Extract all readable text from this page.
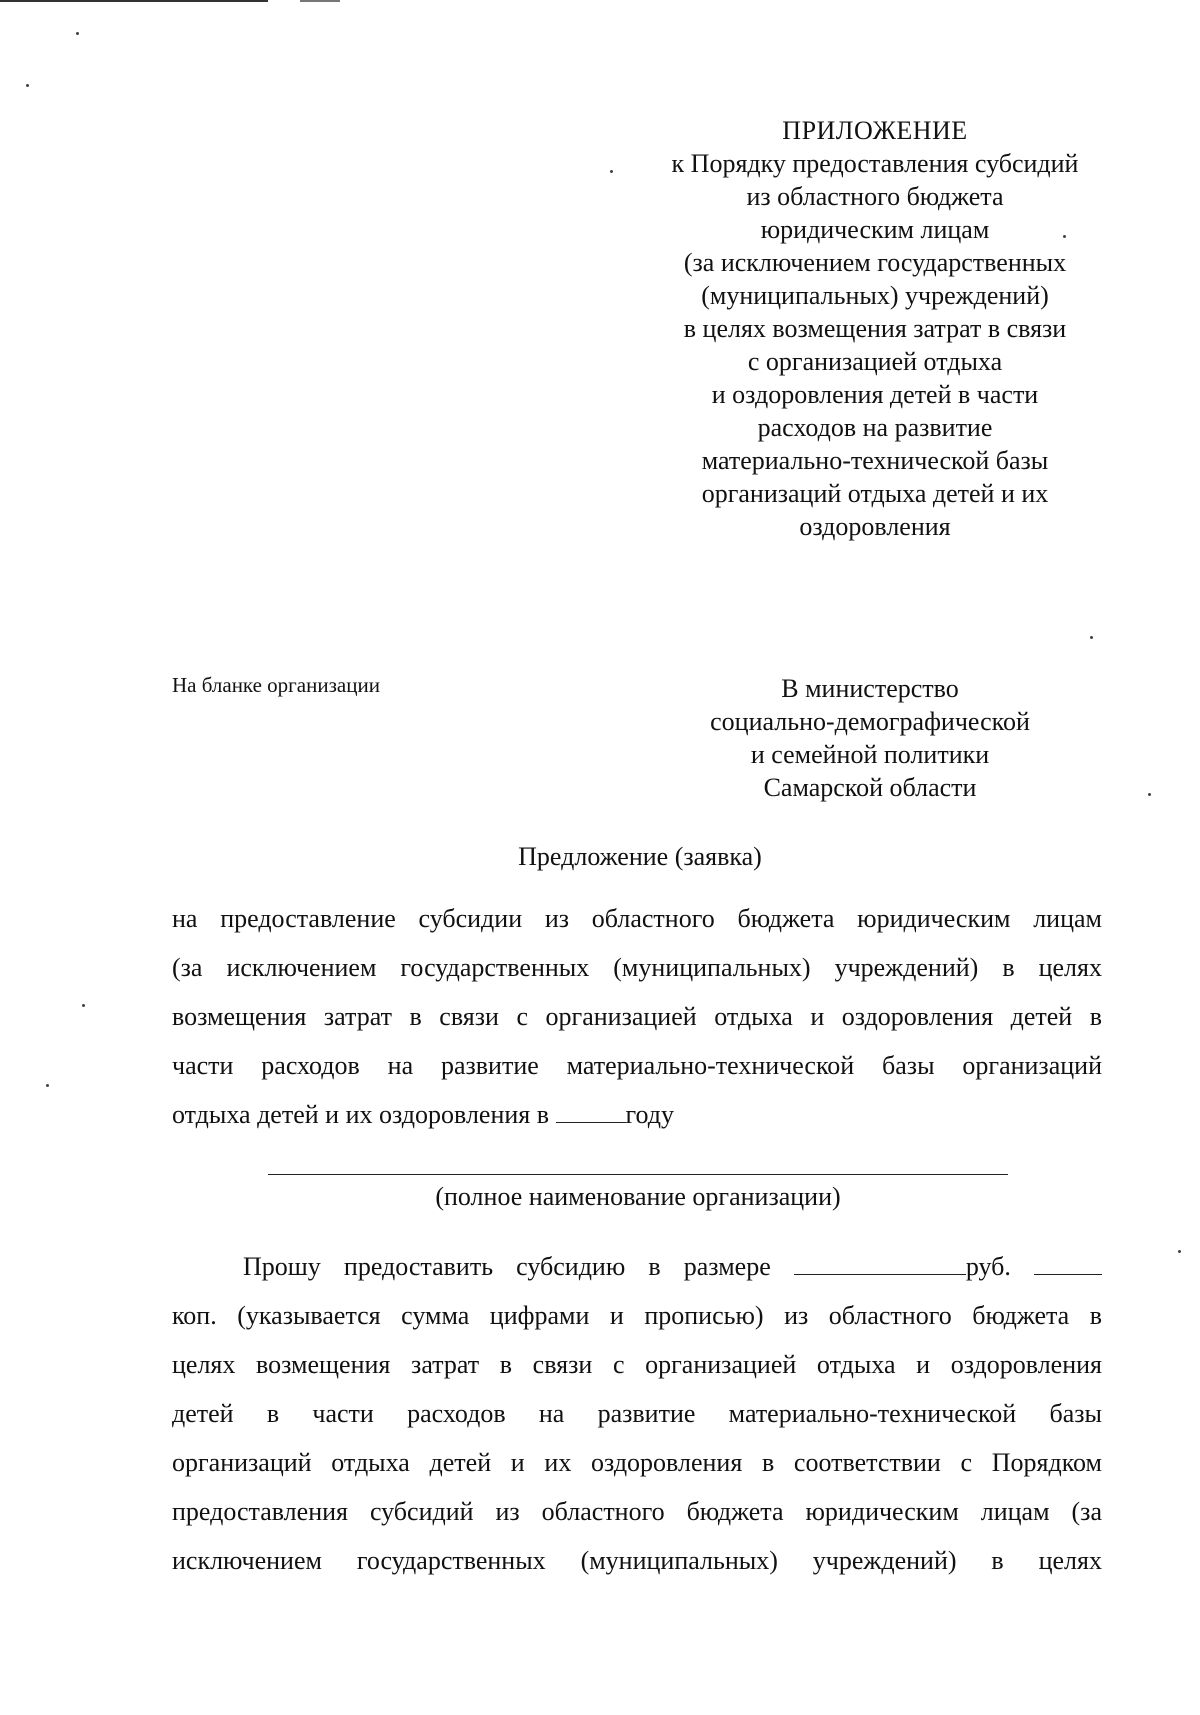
ПРИЛОЖЕНИЕ
к Порядку предоставления субсидий
из областного бюджета
юридическим лицам
(за исключением государственных
(муниципальных) учреждений)
в целях возмещения затрат в связи
с организацией отдыха
и оздоровления детей в части
расходов на развитие
материально-технической базы
организаций отдыха детей и их
оздоровления
На бланке организации	В министерство
социально-демографической
и семейной политики
Самарской области
Предложение (заявка)
на предоставление субсидии из областного бюджета юридическим лицам
(за исключением государственных (муниципальных) учреждений) в целях
возмещения затрат в связи с организацией отдыха и оздоровления детей в
части расходов на развитие материально-технической базы организаций
отдыха детей и их оздоровления в	году
(полное наименование организации)
Прошу предоставить субсидию в размере	руб.
коп. (указывается сумма цифрами и прописью) из областного бюджета в
целях возмещения затрат в связи с организацией отдыха и оздоровления
детей в части расходов на развитие материально-технической базы
организаций отдыха детей и их оздоровления в соответствии с Порядком
предоставления субсидий из областного бюджета юридическим лицам (за
исключением государственных (муниципальных) учреждений) в целях
